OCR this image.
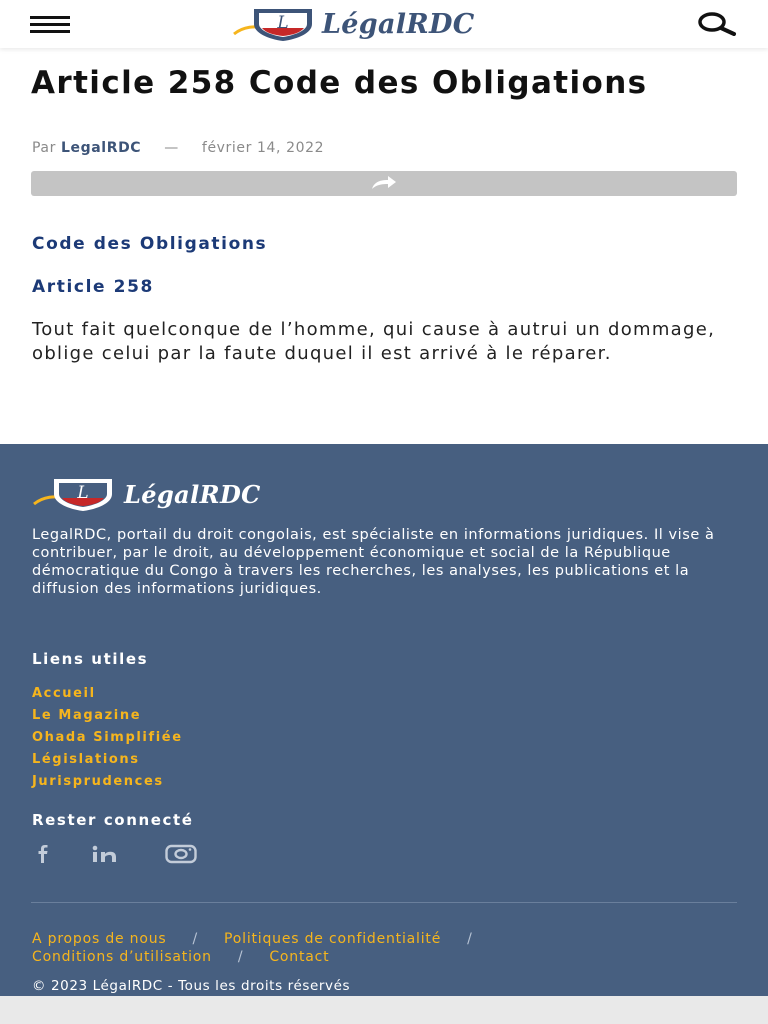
L LégalRDC
Article 258 Code des Obligations
Par LegalRDC — février 14, 2022
Code des Obligations
Article 258

Tout fait quelconque de l’homme, qui cause à autrui un dommage, oblige celui par la faute duquel il est arrivé à le réparer.

L LégalRDC

LegalRDC, portail du droit congolais, est spécialiste en informations juridiques. Il vise à contribuer, par le droit, au développement économique et social de la République démocratique du Congo à travers les recherches, les analyses, les publications et la diffusion des informations juridiques.

Liens utiles
Accueil
Le Magazine
Ohada Simplifiée
Législations
Jurisprudences
Rester connecté
A propos de nous / Politiques de confidentialité /
Conditions d’utilisation / Contact
© 2023 LégalRDC - Tous les droits réservés
